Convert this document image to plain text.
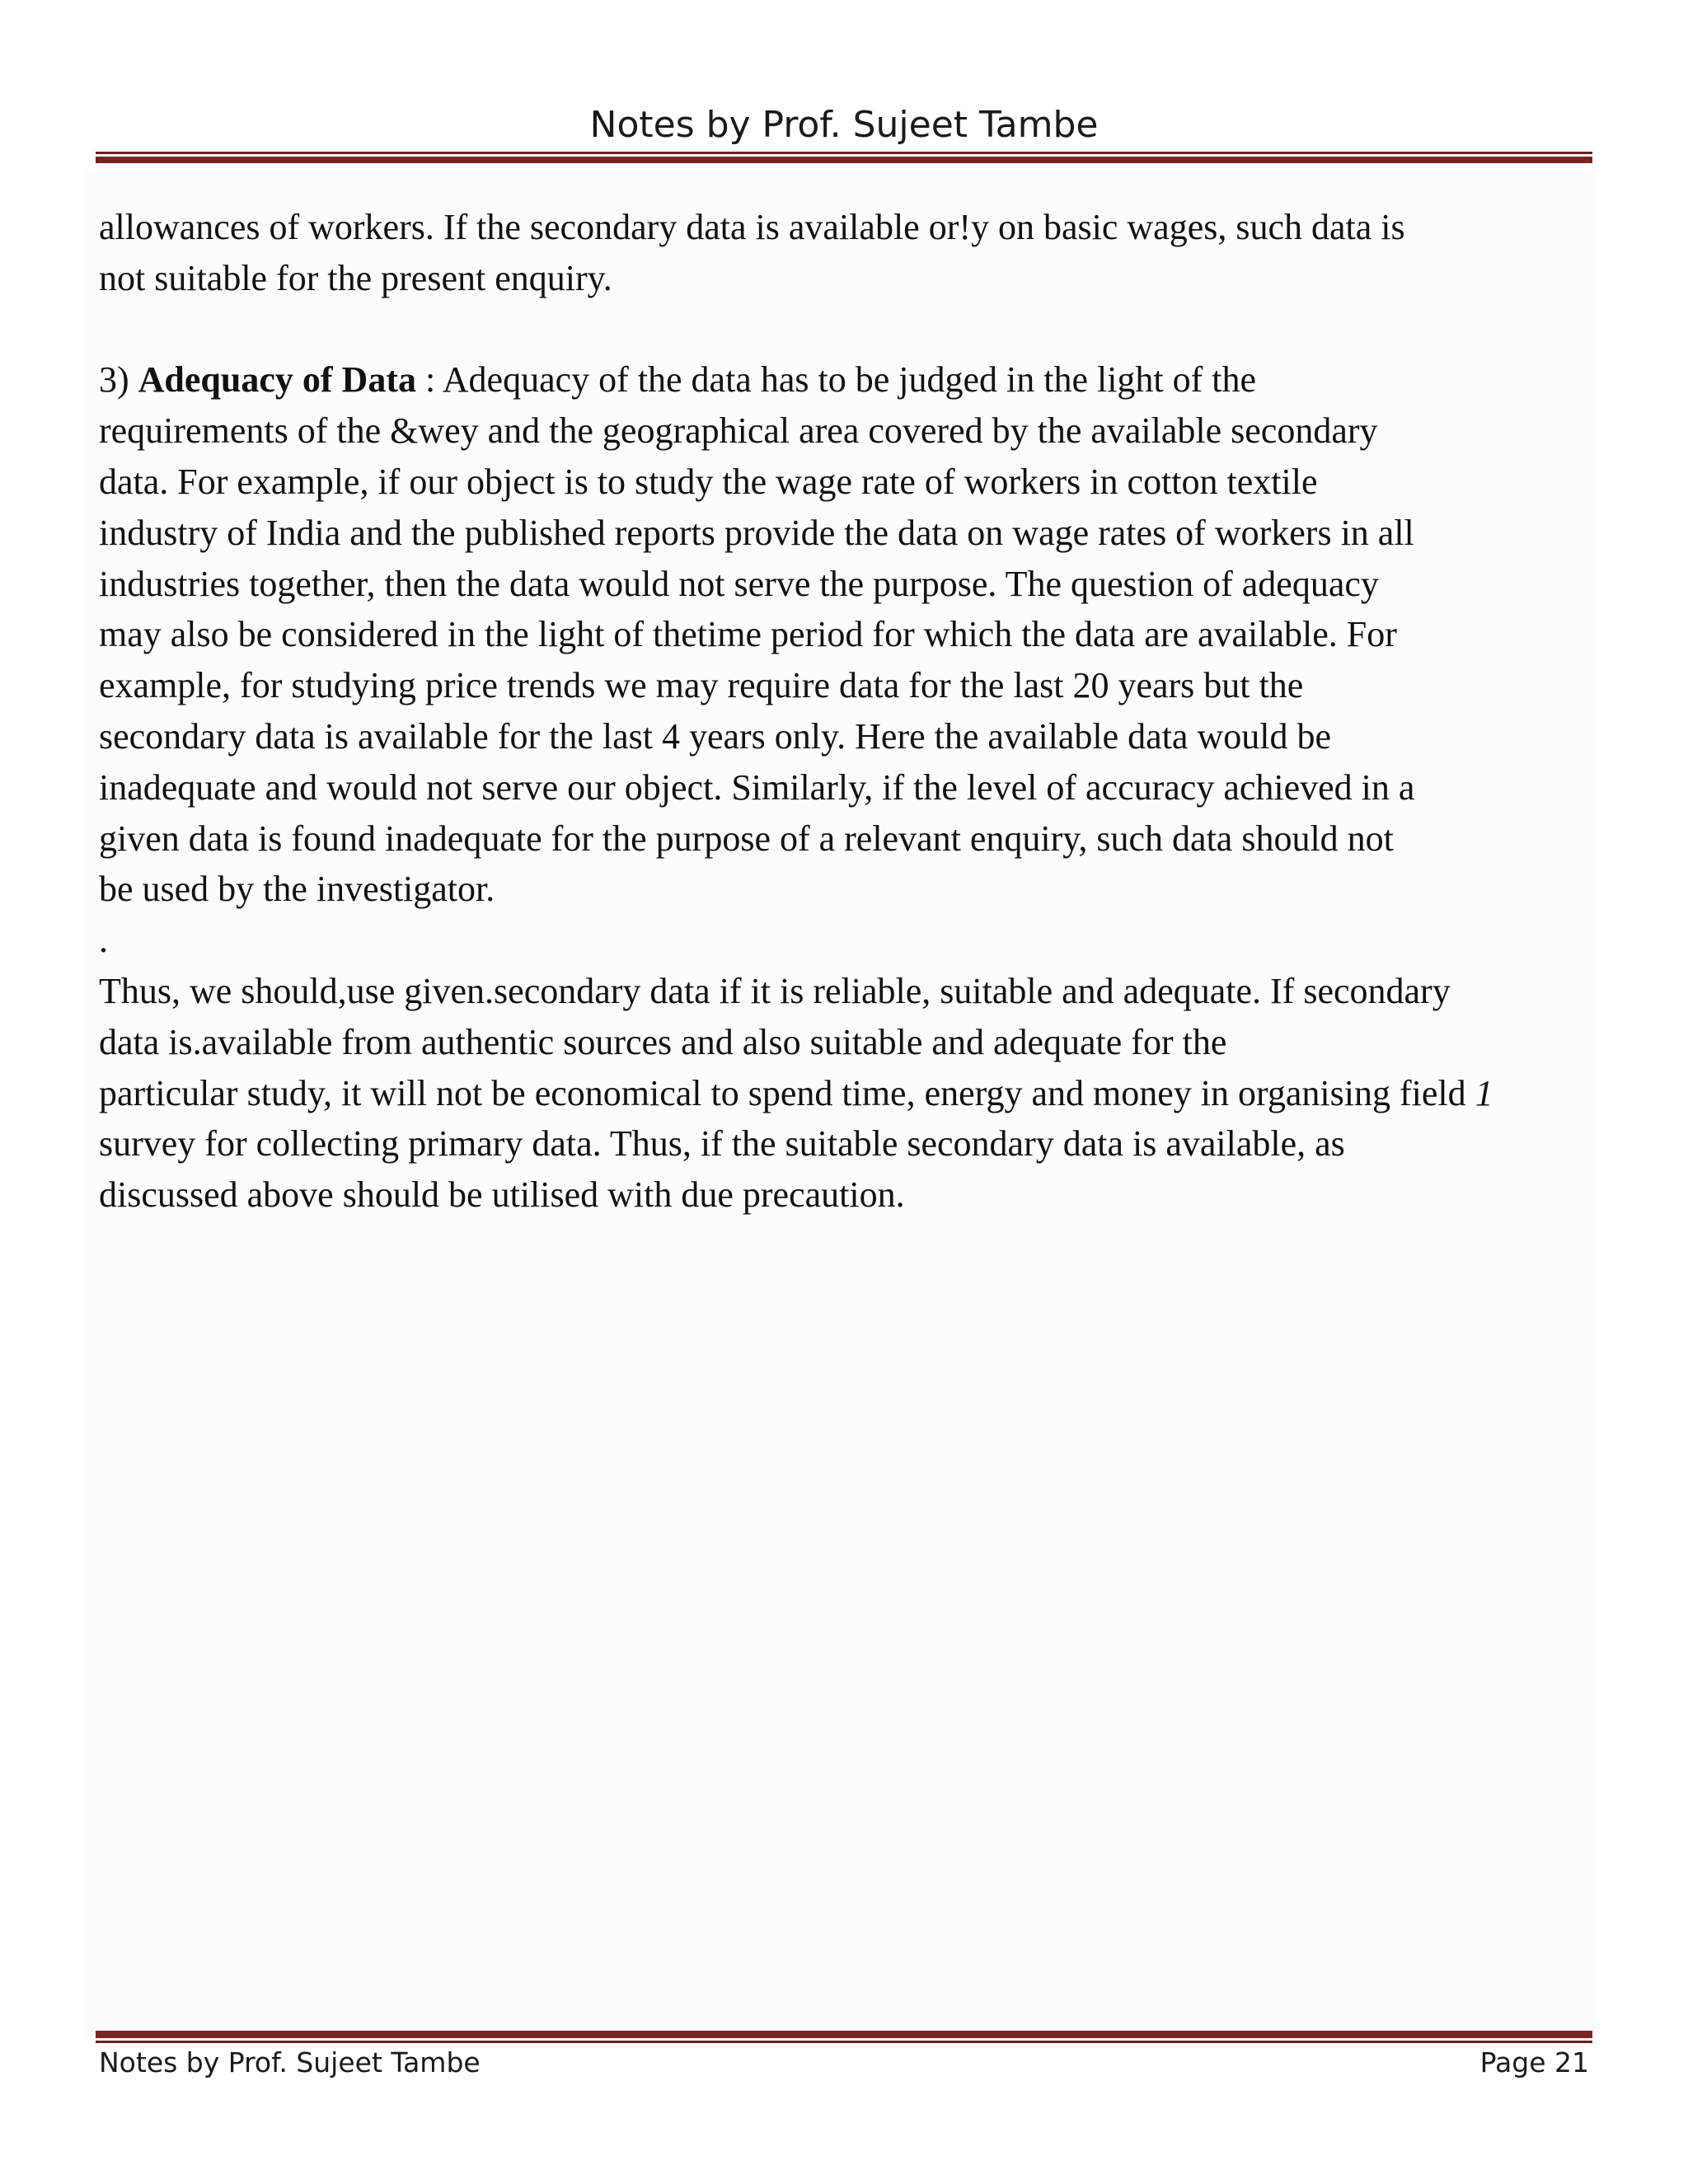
Notes by Prof. Sujeet Tambe

allowances of workers. If the secondary data is available or!y on basic wages, such data is

not suitable for the present enquiry.

3) Adequacy of Data : Adequacy of the data has to be judged in the light of the

requirements of the &wey and the geographical area covered by the available secondary

data. For example, if our object is to study the wage rate of workers in cotton textile

industry of India and the published reports provide the data on wage rates of workers in all

industries together, then the data would not serve the purpose. The question of adequacy

may also be considered in the light of thetime period for which the data are available. For

example, for studying price trends we may require data for the last 20 years but the

secondary data is available for the last 4 years only. Here the available data would be

inadequate and would not serve our object. Similarly, if the level of accuracy achieved in a

given data is found inadequate for the purpose of a relevant enquiry, such data should not

be used by the investigator.

.

Thus, we should,use given.secondary data if it is reliable, suitable and adequate. If secondary

data is.available from authentic sources and also suitable and adequate for the

particular study, it will not be economical to spend time, energy and money in organising field 1

survey for collecting primary data. Thus, if the suitable secondary data is available, as

discussed above should be utilised with due precaution.

Notes by Prof. Sujeet Tambe	Page 21
